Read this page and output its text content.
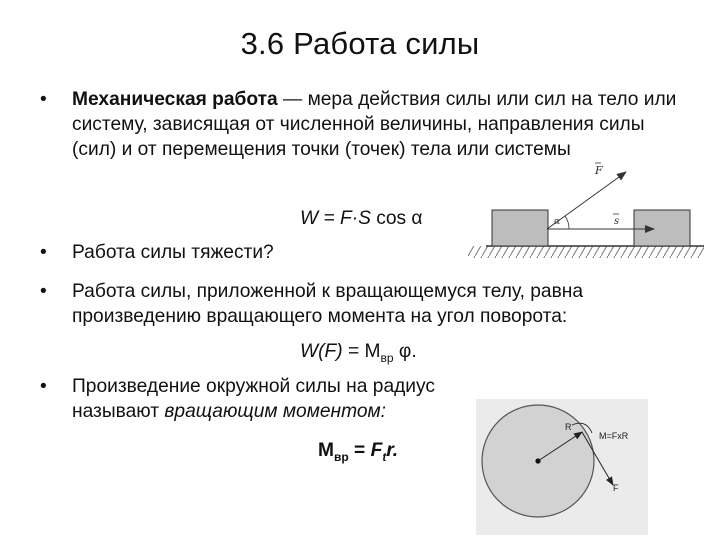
3.6 Работа силы
• Механическая работа — мера действия силы или сил на тело или систему, зависящая от численной величины, направления силы (сил) и от перемещения точки (точек) тела или системы
W = F·S cos α	α
F
s
• Работа силы тяжести?
• Работа силы, приложенной к вращающемуся телу, равна произведению вращающего момента на угол поворота:
$W(F) = М_{вр}$ φ.
• Произведение окружной силы на радиус называют вращающим моментом:
$М_{вр} = F_tr$.
R
M=FxR
F
